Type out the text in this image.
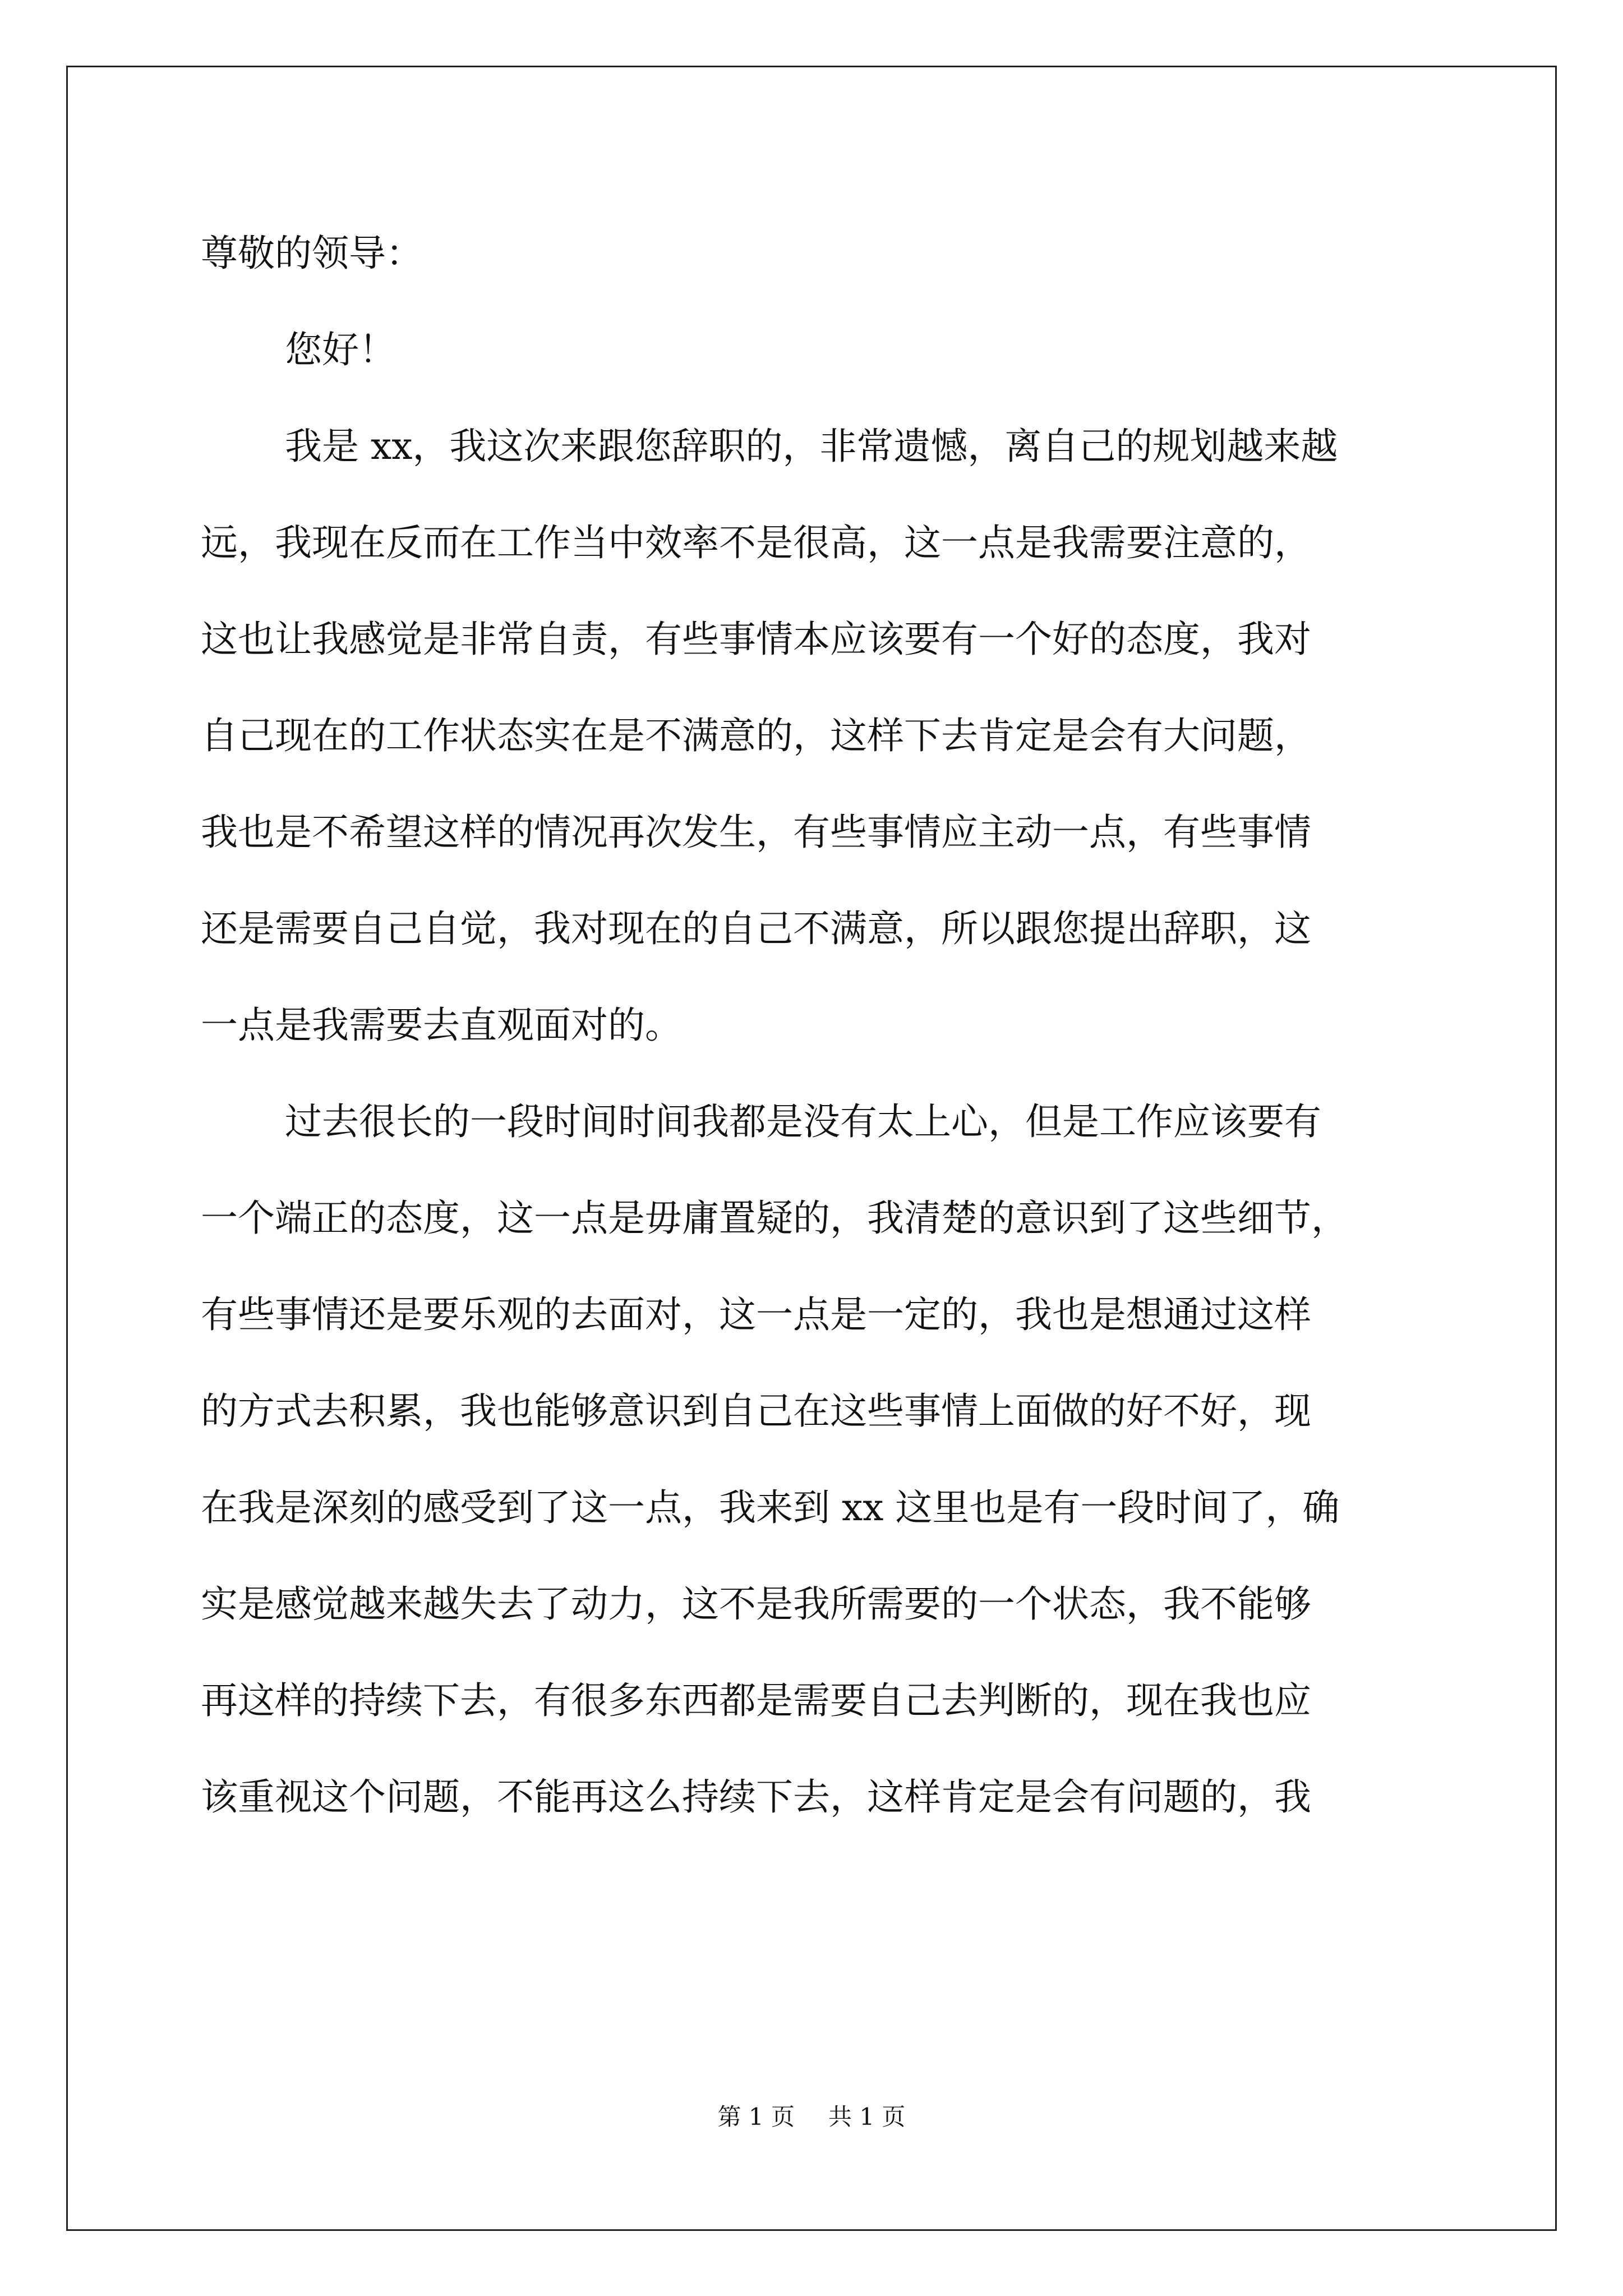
尊敬的领导：
您好！
我是 xx，我这次来跟您辞职的，非常遗憾，离自己的规划越来越
远，我现在反而在工作当中效率不是很高，这一点是我需要注意的，
这也让我感觉是非常自责，有些事情本应该要有一个好的态度，我对
自己现在的工作状态实在是不满意的，这样下去肯定是会有大问题，
我也是不希望这样的情况再次发生，有些事情应主动一点，有些事情
还是需要自己自觉，我对现在的自己不满意，所以跟您提出辞职，这
一点是我需要去直观面对的。
过去很长的一段时间时间我都是没有太上心，但是工作应该要有
一个端正的态度，这一点是毋庸置疑的，我清楚的意识到了这些细节，
有些事情还是要乐观的去面对，这一点是一定的，我也是想通过这样
的方式去积累，我也能够意识到自己在这些事情上面做的好不好，现
在我是深刻的感受到了这一点，我来到 xx 这里也是有一段时间了，确
实是感觉越来越失去了动力，这不是我所需要的一个状态，我不能够
再这样的持续下去，有很多东西都是需要自己去判断的，现在我也应
该重视这个问题，不能再这么持续下去，这样肯定是会有问题的，我
第 1 页 共 1 页
